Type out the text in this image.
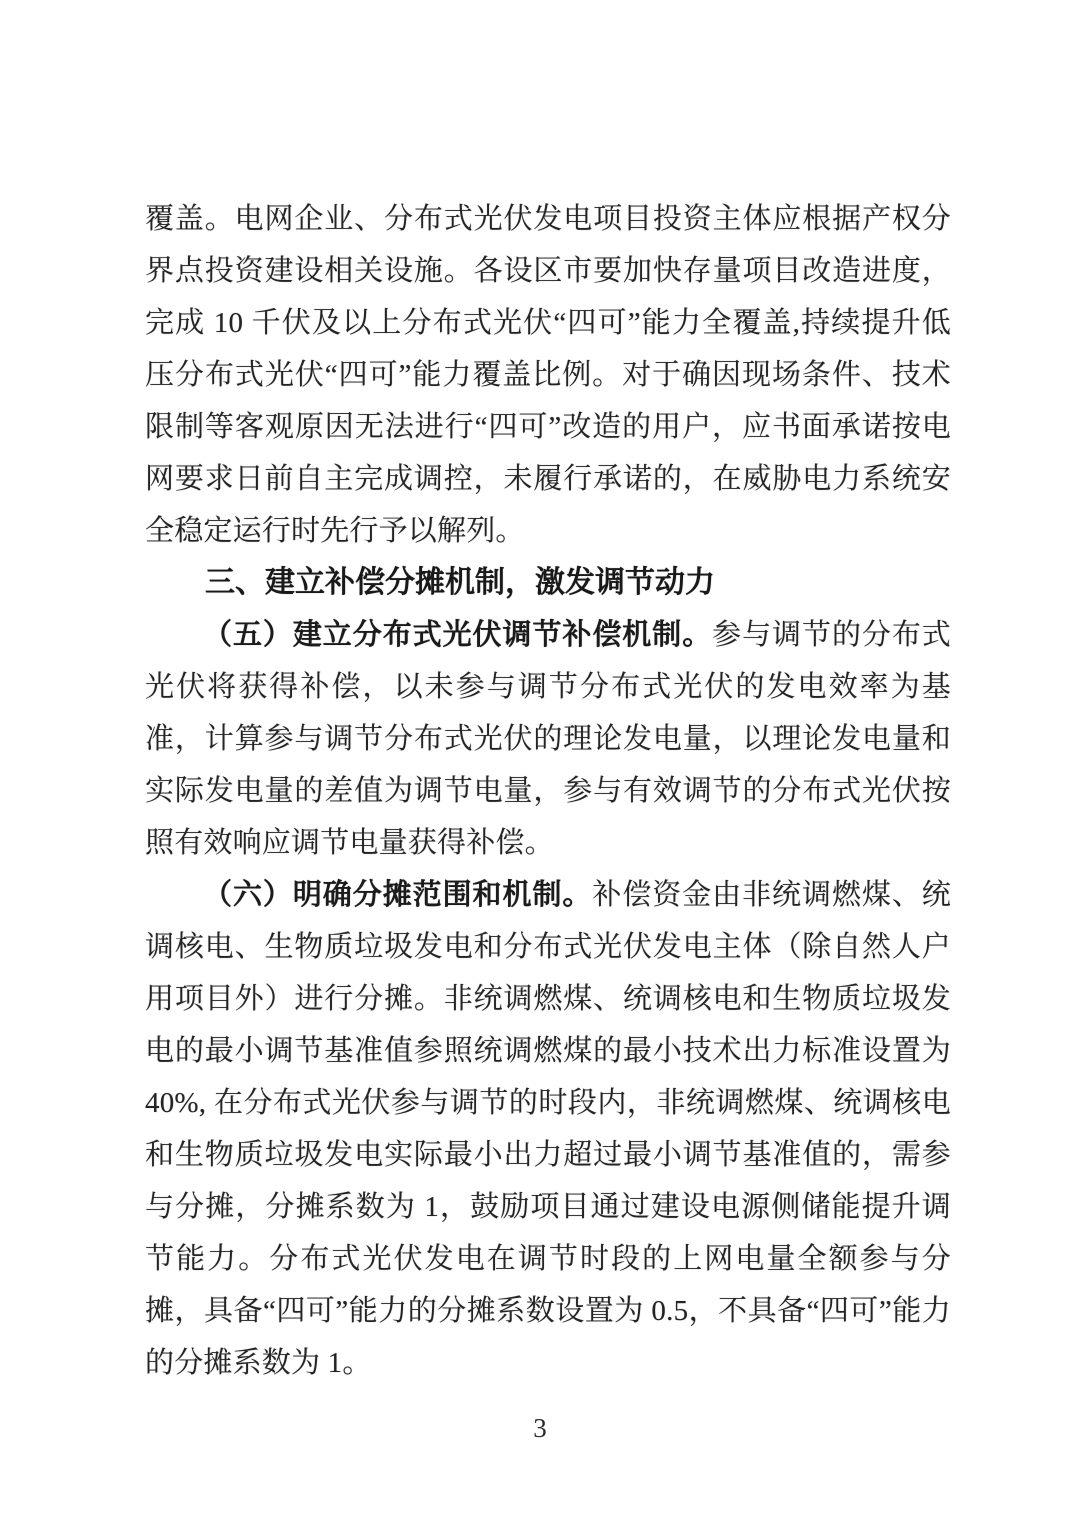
覆盖。电网企业、分布式光伏发电项目投资主体应根据产权分界点投资建设相关设施。各设区市要加快存量项目改造进度，完成 10 千伏及以上分布式光伏“四可”能力全覆盖,持续提升低压分布式光伏“四可”能力覆盖比例。对于确因现场条件、技术限制等客观原因无法进行“四可”改造的用户，应书面承诺按电网要求日前自主完成调控，未履行承诺的，在威胁电力系统安全稳定运行时先行予以解列。

三、建立补偿分摊机制，激发调节动力

（五）建立分布式光伏调节补偿机制。参与调节的分布式光伏将获得补偿，以未参与调节分布式光伏的发电效率为基准，计算参与调节分布式光伏的理论发电量，以理论发电量和实际发电量的差值为调节电量，参与有效调节的分布式光伏按照有效响应调节电量获得补偿。

（六）明确分摊范围和机制。补偿资金由非统调燃煤、统调核电、生物质垃圾发电和分布式光伏发电主体（除自然人户用项目外）进行分摊。非统调燃煤、统调核电和生物质垃圾发电的最小调节基准值参照统调燃煤的最小技术出力标准设置为 40%, 在分布式光伏参与调节的时段内，非统调燃煤、统调核电和生物质垃圾发电实际最小出力超过最小调节基准值的，需参与分摊，分摊系数为 1，鼓励项目通过建设电源侧储能提升调节能力。分布式光伏发电在调节时段的上网电量全额参与分摊，具备“四可”能力的分摊系数设置为 0.5，不具备“四可”能力的分摊系数为 1。

3
